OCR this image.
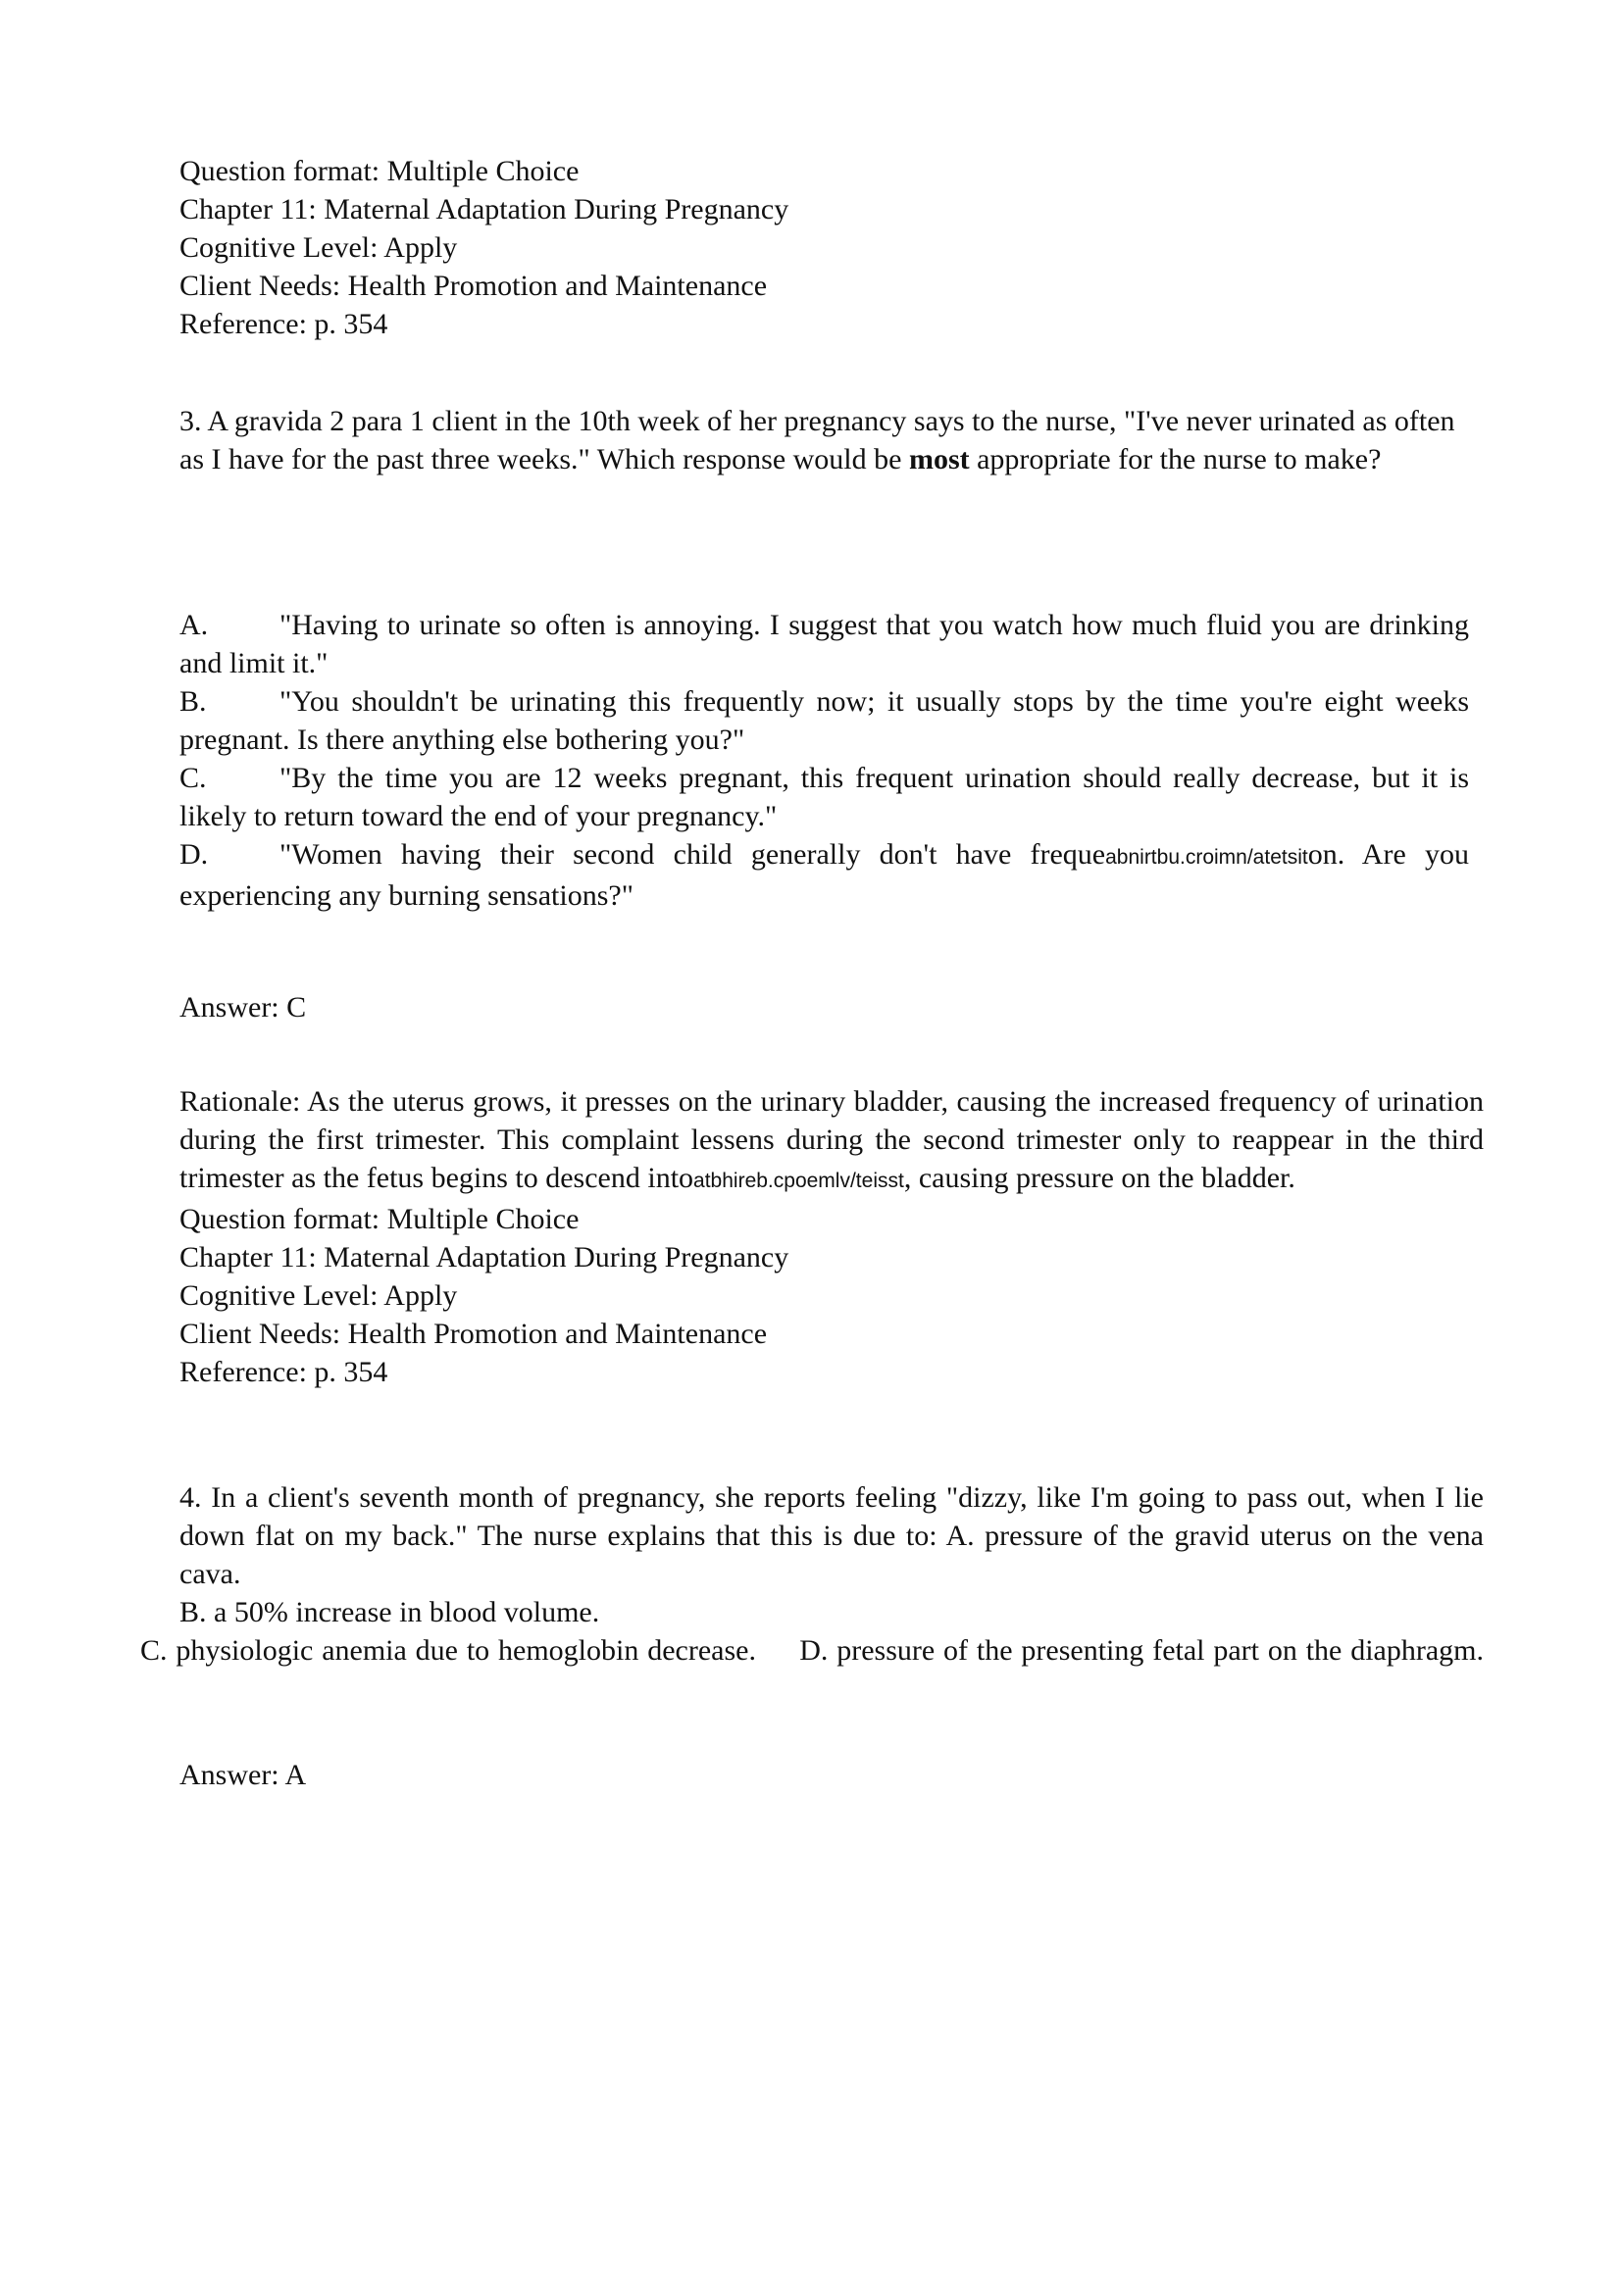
Question format: Multiple Choice

Chapter 11: Maternal Adaptation During Pregnancy

Cognitive Level: Apply

Client Needs: Health Promotion and Maintenance

Reference: p. 354

3. A gravida 2 para 1 client in the 10th week of her pregnancy says to the nurse, "I've never urinated as often as I have for the past three weeks." Which response would be most appropriate for the nurse to make?

A. "Having to urinate so often is annoying. I suggest that you watch how much fluid you are drinking and limit it."

B. "You shouldn't be urinating this frequently now; it usually stops by the time you're eight weeks pregnant. Is there anything else bothering you?"

C. "By the time you are 12 weeks pregnant, this frequent urination should really decrease, but it is likely to return toward the end of your pregnancy."

D. "Women having their second child generally don't have frequeabnirtbu.croimn/atetsiton. Are you experiencing any burning sensations?"

Answer: C

Rationale: As the uterus grows, it presses on the urinary bladder, causing the increased frequency of urination during the first trimester. This complaint lessens during the second trimester only to reappear in the third trimester as the fetus begins to descend intoatbhireb.cpoemlv/teisst, causing pressure on the bladder.

Question format: Multiple Choice

Chapter 11: Maternal Adaptation During Pregnancy

Cognitive Level: Apply

Client Needs: Health Promotion and Maintenance

Reference: p. 354

4. In a client's seventh month of pregnancy, she reports feeling "dizzy, like I'm going to pass out, when I lie down flat on my back." The nurse explains that this is due to: A. pressure of the gravid uterus on the vena cava.

B. a 50% increase in blood volume.

C. physiologic anemia due to hemoglobin decrease. D. pressure of the presenting fetal part on the diaphragm.

Answer: A
